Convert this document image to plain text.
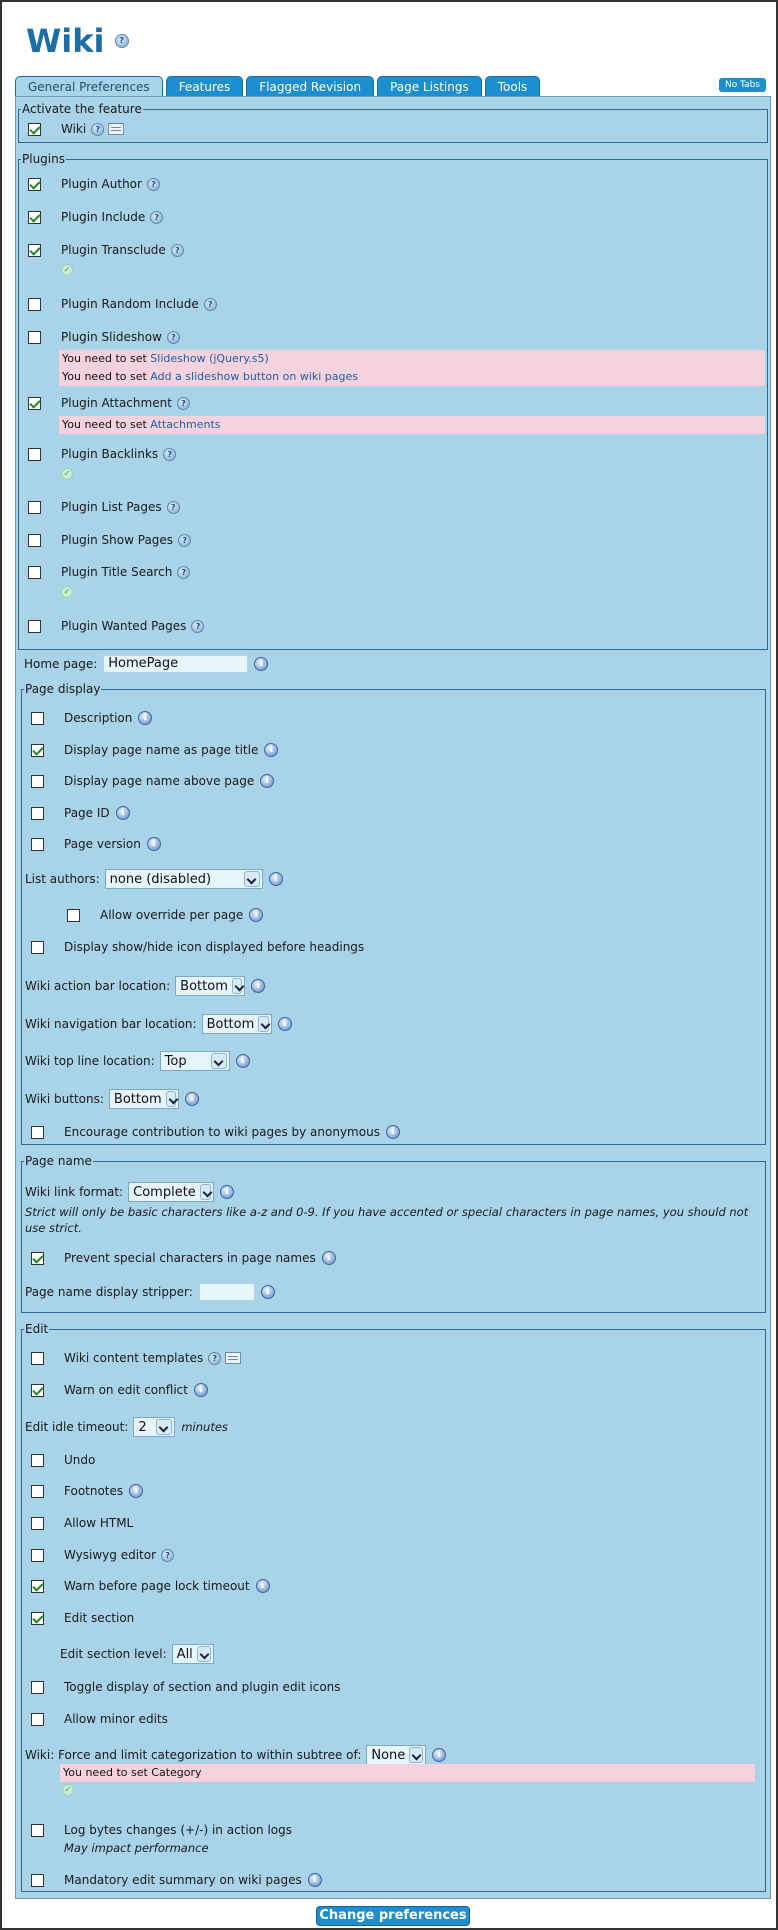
Wiki	?
General Preferences	Features	Flagged Revision	Page Listings	Tools	No Tabs
Activate the feature
Wiki	?
Plugins
Plugin Author	?
Plugin Include	?
Plugin Transclude	?
✓
Plugin Random Include	?
Plugin Slideshow	?
You need to set Slideshow (jQuery.s5)
You need to set Add a slideshow button on wiki pages
Plugin Attachment	?
You need to set Attachments
Plugin Backlinks	?
✓
Plugin List Pages	?
Plugin Show Pages	?
Plugin Title Search	?
✓
Plugin Wanted Pages	?
Home page: HomePage	i
Page display
Description	i
Display page name as page title	i
Display page name above page	i
Page ID	i
Page version	i
List authors: none (disabled)	i
Allow override per page	i
Display show/hide icon displayed before headings
Wiki action bar location: Bottom	i
Wiki navigation bar location: Bottom	i
Wiki top line location: Top	i
Wiki buttons: Bottom	i
Encourage contribution to wiki pages by anonymous	i
Page name
Wiki link format: Complete	i
Strict will only be basic characters like a-z and 0-9. If you have accented or special characters in page names, you should not use strict.
Prevent special characters in page names	i
Page name display stripper:	i
Edit
Wiki content templates	?
Warn on edit conflict	i
Edit idle timeout: 2	minutes
Undo
Footnotes	i
Allow HTML
Wysiwyg editor	?
Warn before page lock timeout	i
Edit section
Edit section level: All
Toggle display of section and plugin edit icons
Allow minor edits
Wiki: Force and limit categorization to within subtree of: None	i
You need to set Category
✓
Log bytes changes (+/-) in action logs
May impact performance
Mandatory edit summary on wiki pages	i
Change preferences
